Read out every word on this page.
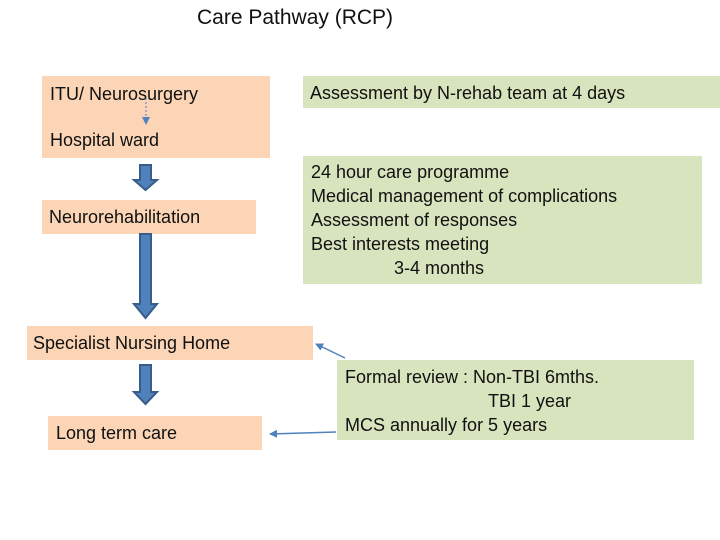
Care Pathway (RCP)
ITU/ Neurosurgery
Hospital ward
Neurorehabilitation
Specialist Nursing Home
Long term care
Assessment by N-rehab team at 4 days
24 hour care programme
Medical management of complications
Assessment of responses
Best interests meeting
3-4 months
Formal review : Non-TBI 6mths.
TBI 1 year
MCS annually for 5 years
